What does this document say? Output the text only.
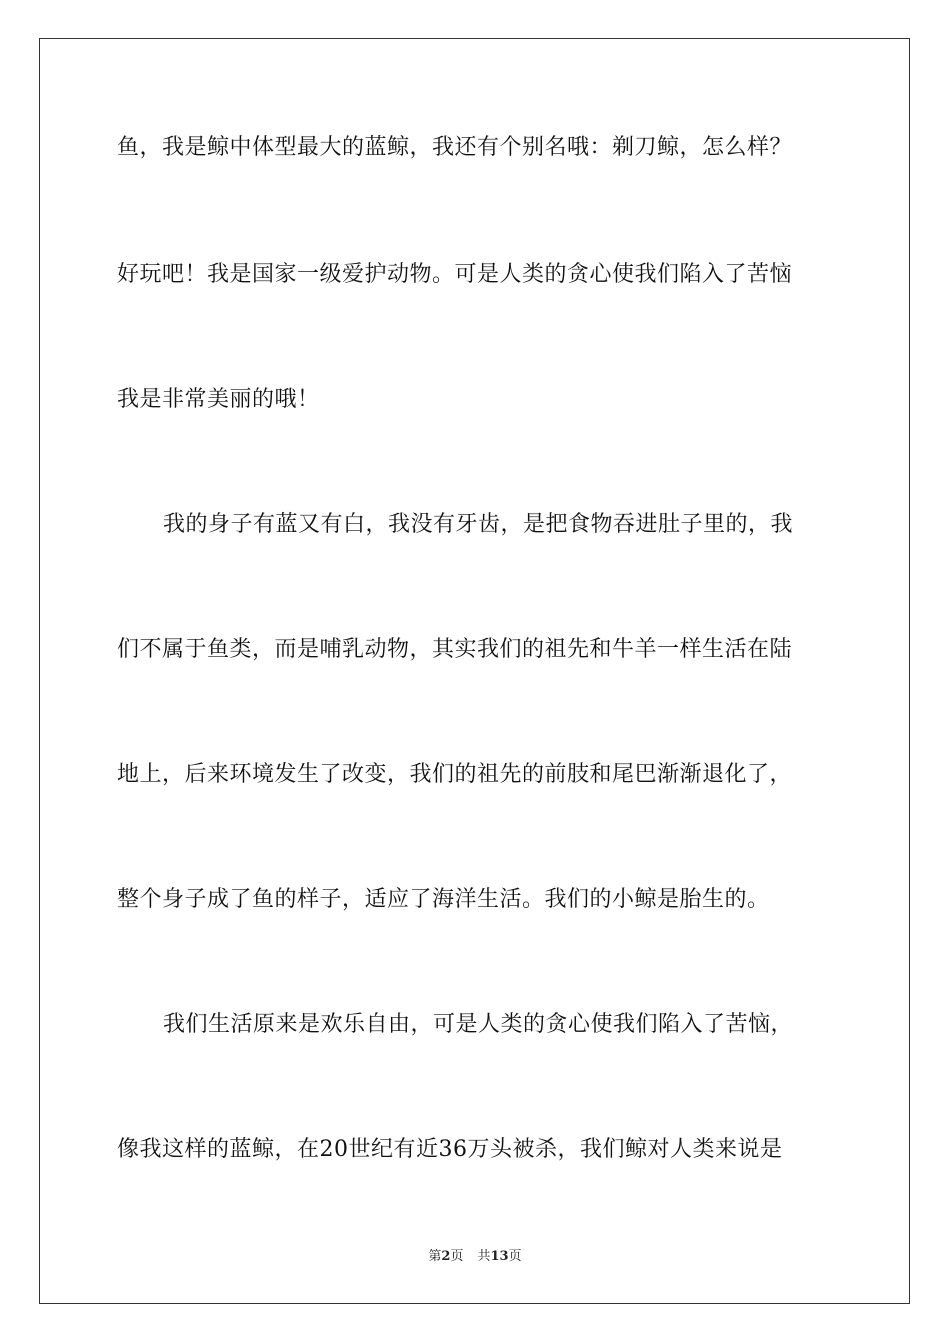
鱼，我是鲸中体型最大的蓝鲸，我还有个别名哦：剃刀鲸，怎么样？
好玩吧！我是国家一级爱护动物。可是人类的贪心使我们陷入了苦恼
我是非常美丽的哦！
我的身子有蓝又有白，我没有牙齿，是把食物吞进肚子里的，我
们不属于鱼类，而是哺乳动物，其实我们的祖先和牛羊一样生活在陆
地上，后来环境发生了改变，我们的祖先的前肢和尾巴渐渐退化了，
整个身子成了鱼的样子，适应了海洋生活。我们的小鲸是胎生的。
我们生活原来是欢乐自由，可是人类的贪心使我们陷入了苦恼，
像我这样的蓝鲸，在20世纪有近36万头被杀，我们鲸对人类来说是
第2页 共13页
